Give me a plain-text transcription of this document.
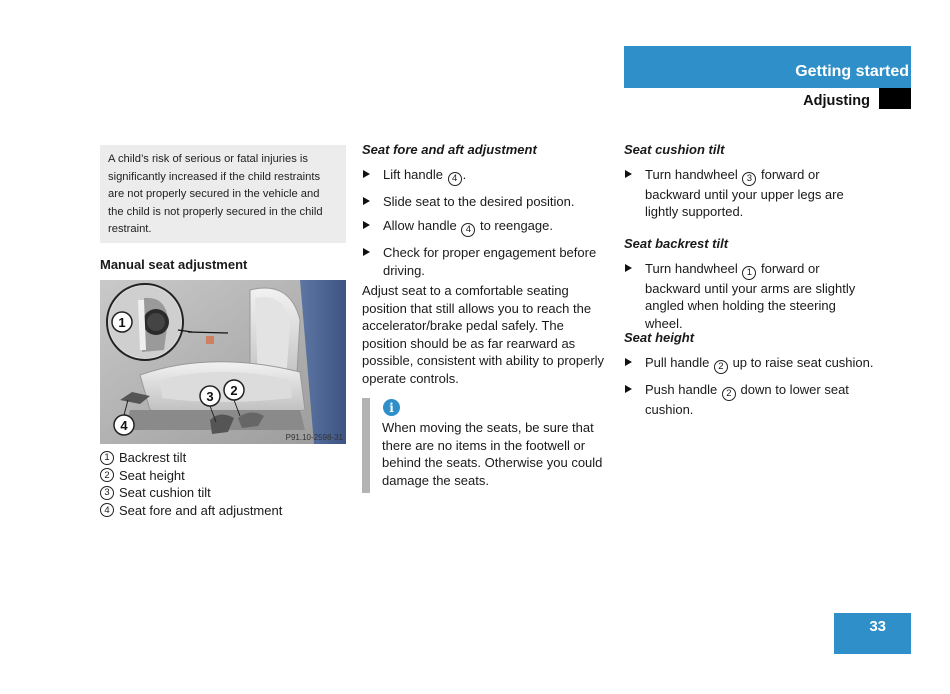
Getting started
Adjusting
A child’s risk of serious or fatal injuries is significantly increased if the child restraints are not properly secured in the vehicle and the child is not properly secured in the child restraint.
Manual seat adjustment
1
2
3
4
P91.10-2598-31
1 Backrest tilt
2 Seat height
3 Seat cushion tilt
4 Seat fore and aft adjustment
Seat fore and aft adjustment
Lift handle 4 .
Slide seat to the desired position.
Allow handle 4 to reengage.
Check for proper engagement before driving.
Adjust seat to a comfortable seating position that still allows you to reach the accelerator/brake pedal safely. The position should be as far rearward as possible, consistent with ability to properly operate controls.
i
When moving the seats, be sure that there are no items in the footwell or behind the seats. Otherwise you could damage the seats.
Seat cushion tilt
Turn handwheel 3 forward or backward until your upper legs are lightly supported.
Seat backrest tilt
Turn handwheel 1 forward or backward until your arms are slightly angled when holding the steering wheel.
Seat height
Pull handle 2 up to raise seat cushion.
Push handle 2 down to lower seat cushion.
33
